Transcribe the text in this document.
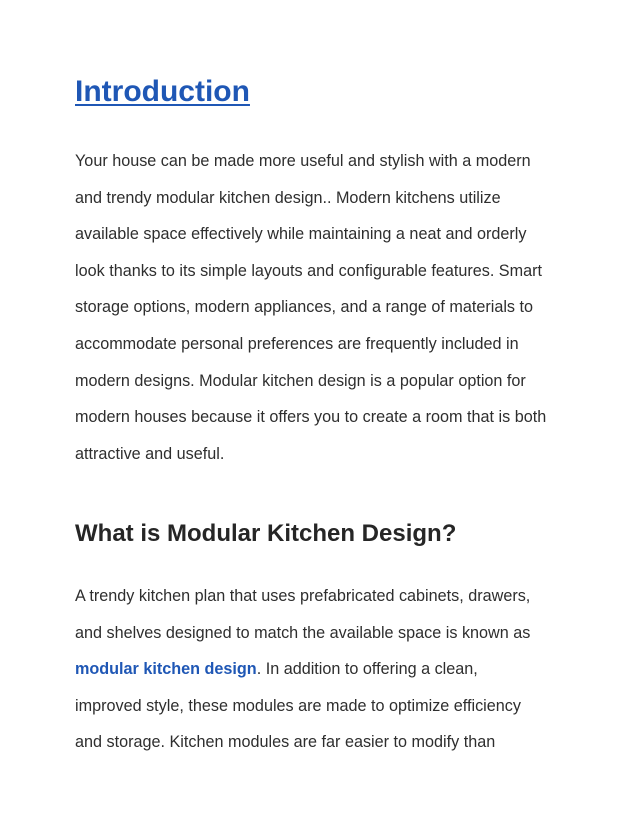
Introduction

Your house can be made more useful and stylish with a modern
and trendy modular kitchen design.. Modern kitchens utilize
available space effectively while maintaining a neat and orderly
look thanks to its simple layouts and configurable features. Smart
storage options, modern appliances, and a range of materials to
accommodate personal preferences are frequently included in
modern designs. Modular kitchen design is a popular option for
modern houses because it offers you to create a room that is both
attractive and useful.

What is Modular Kitchen Design?

A trendy kitchen plan that uses prefabricated cabinets, drawers,
and shelves designed to match the available space is known as
modular kitchen design. In addition to offering a clean,
improved style, these modules are made to optimize efficiency
and storage. Kitchen modules are far easier to modify than
